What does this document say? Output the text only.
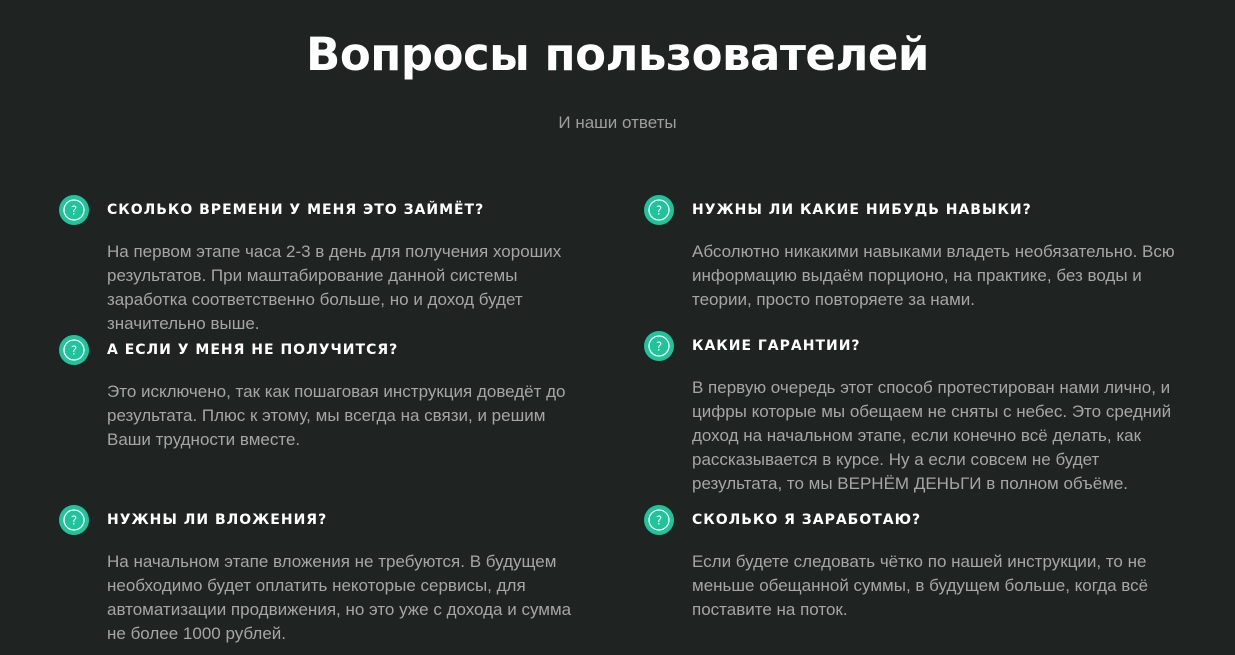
Вопросы пользователей

И наши ответы

? СКОЛЬКО ВРЕМЕНИ У МЕНЯ ЭТО ЗАЙМЁТ?
На первом этапе часа 2-3 в день для получения хороших результатов. При маштабирование данной системы заработка соответственно больше, но и доход будет значительно выше.
? НУЖНЫ ЛИ КАКИЕ НИБУДЬ НАВЫКИ?
Абсолютно никакими навыками владеть необязательно. Всю информацию выдаём порционо, на практике, без воды и теории, просто повторяете за нами.
? А ЕСЛИ У МЕНЯ НЕ ПОЛУЧИТСЯ?
Это исключено, так как пошаговая инструкция доведёт до результата. Плюс к этому, мы всегда на связи, и решим Ваши трудности вместе.
? КАКИЕ ГАРАНТИИ?
В первую очередь этот способ протестирован нами лично, и цифры которые мы обещаем не сняты с небес. Это средний доход на начальном этапе, если конечно всё делать, как рассказывается в курсе. Ну а если совсем не будет результата, то мы ВЕРНЁМ ДЕНЬГИ в полном объёме.
? НУЖНЫ ЛИ ВЛОЖЕНИЯ?
На начальном этапе вложения не требуются. В будущем необходимо будет оплатить некоторые сервисы, для автоматизации продвижения, но это уже с дохода и сумма не более 1000 рублей.
? СКОЛЬКО Я ЗАРАБОТАЮ?
Если будете следовать чётко по нашей инструкции, то не меньше обещанной суммы, в будущем больше, когда всё поставите на поток.
